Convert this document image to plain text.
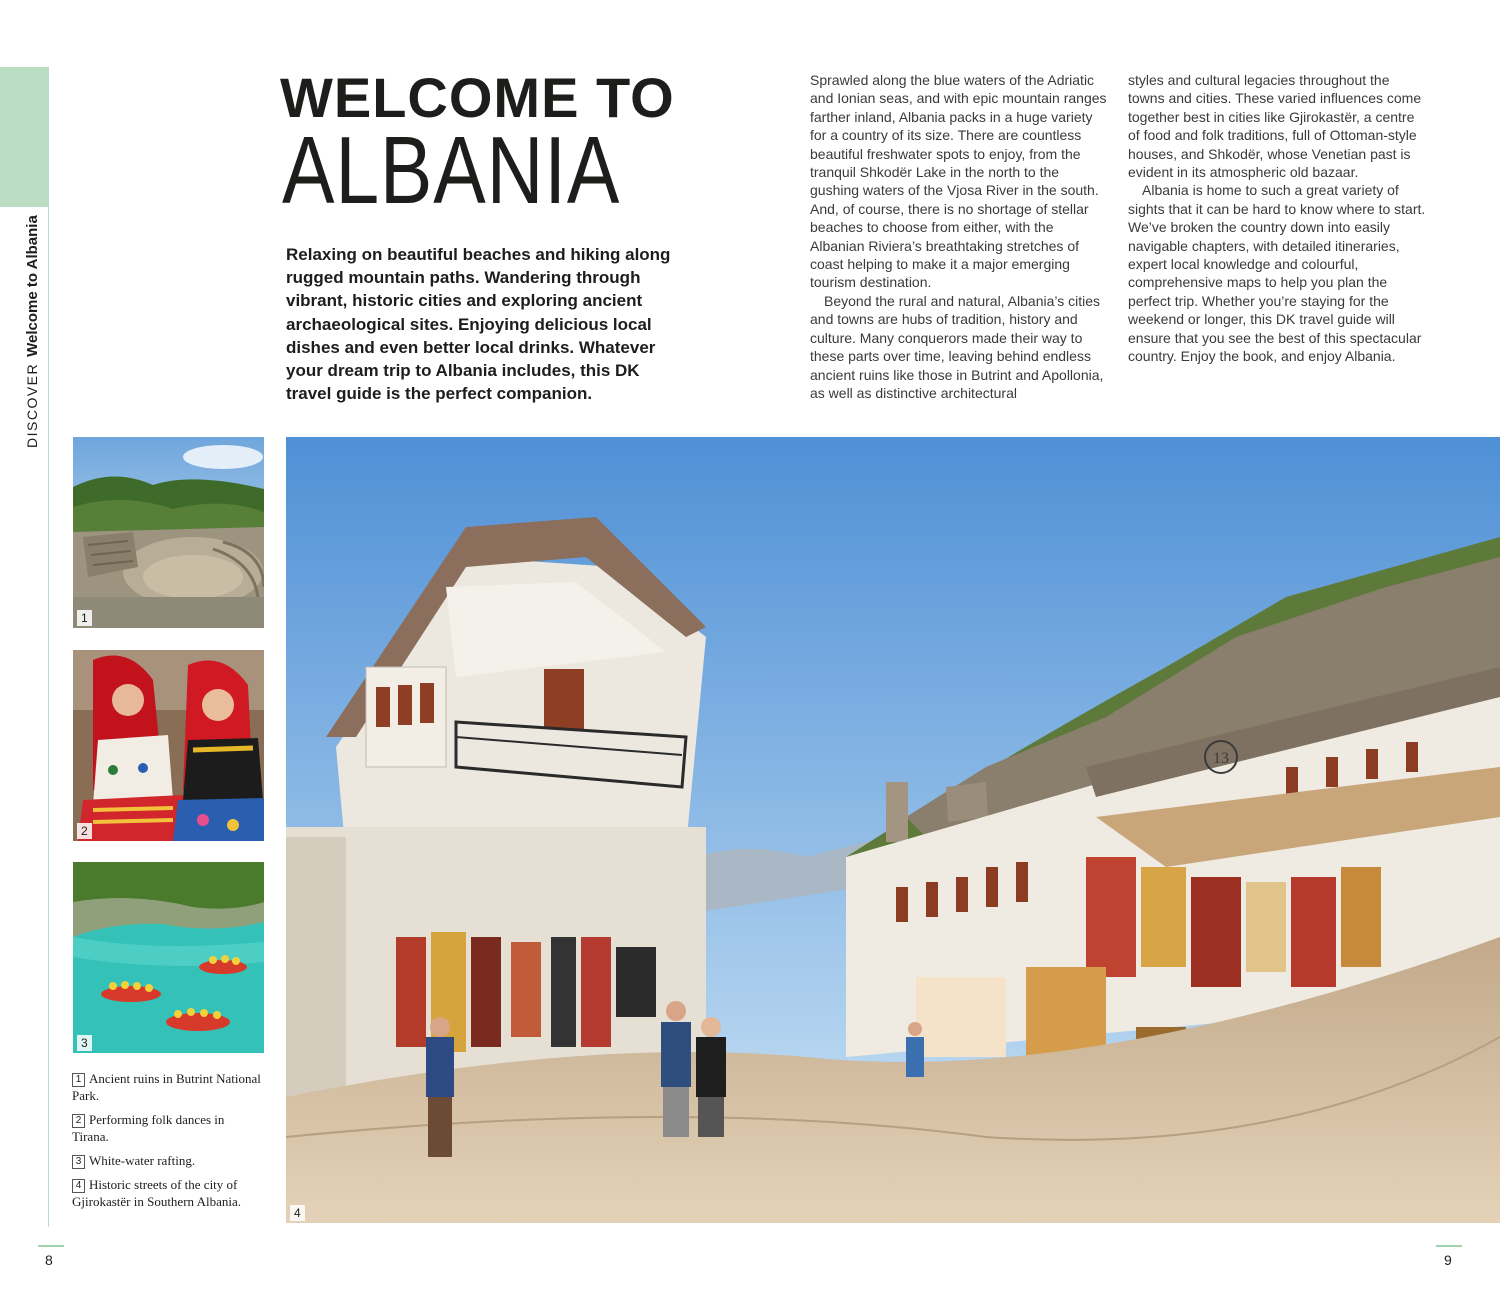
DISCOVERWelcome to Albania
WELCOME TO
ALBANIA

Relaxing on beautiful beaches and hiking along rugged mountain paths. Wandering through vibrant, historic cities and exploring ancient archaeological sites. Enjoying delicious local dishes and even better local drinks. Whatever your dream trip to Albania includes, this DK travel guide is the perfect companion.

Sprawled along the blue waters of the Adriatic and Ionian seas, and with epic mountain ranges farther inland, Albania packs in a huge variety for a country of its size. There are countless beautiful freshwater spots to enjoy, from the tranquil Shkodër Lake in the north to the gushing waters of the Vjosa River in the south. And, of course, there is no shortage of stellar beaches to choose from either, with the Albanian Riviera’s breathtaking stretches of coast helping to make it a major emerging tourism destination.

Beyond the rural and natural, Albania’s cities and towns are hubs of tradition, history and culture. Many conquerors made their way to these parts over time, leaving behind endless ancient ruins like those in Butrint and Apollonia, as well as distinctive architectural

styles and cultural legacies throughout the towns and cities. These varied influences come together best in cities like Gjirokastër, a centre of food and folk traditions, full of Ottoman-style houses, and Shkodër, whose Venetian past is evident in its atmospheric old bazaar.

Albania is home to such a great variety of sights that it can be hard to know where to start. We’ve broken the country down into easily navigable chapters, with detailed itineraries, expert local knowledge and colourful, comprehensive maps to help you plan the perfect trip. Whether you’re staying for the weekend or longer, this DK travel guide will ensure that you see the best of this spectacular country. Enjoy the book, and enjoy Albania.

1
2
3

1 Ancient ruins in Butrint National Park.

2 Performing folk dances in Tirana.

3 White-water rafting.

4 Historic streets of the city of Gjirokastër in Southern Albania.

13
4
8	9
